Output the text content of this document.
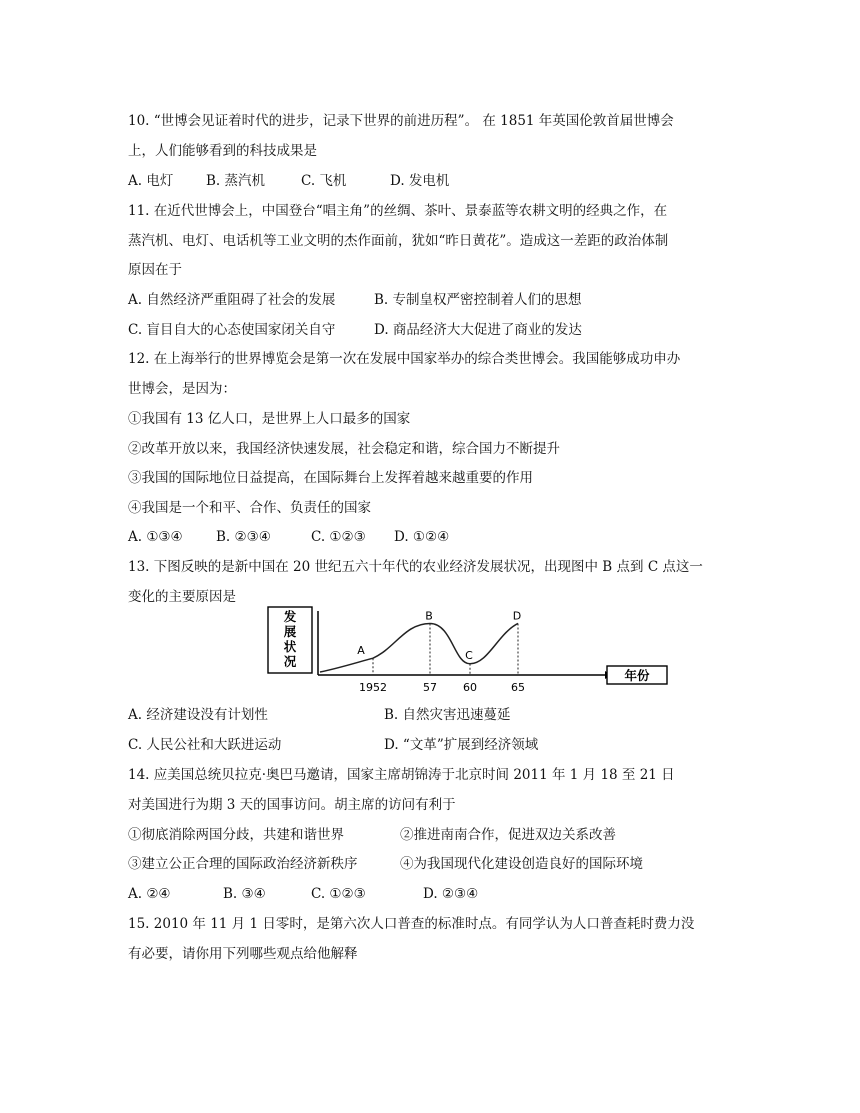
10. “世博会见证着时代的进步，记录下世界的前进历程”。 在 1851 年英国伦敦首届世博会
上，人们能够看到的科技成果是
A. 电灯 B. 蒸汽机	C. 飞机	D. 发电机
11. 在近代世博会上，中国登台“唱主角”的丝绸、茶叶、景泰蓝等农耕文明的经典之作，在
蒸汽机、电灯、电话机等工业文明的杰作面前，犹如“昨日黄花”。造成这一差距的政治体制
原因在于
A. 自然经济严重阻碍了社会的发展	B. 专制皇权严密控制着人们的思想
C. 盲目自大的心态使国家闭关自守	D. 商品经济大大促进了商业的发达
12. 在上海举行的世界博览会是第一次在发展中国家举办的综合类世博会。我国能够成功申办
世博会，是因为：
①我国有 13 亿人口，是世界上人口最多的国家
②改革开放以来，我国经济快速发展，社会稳定和谐，综合国力不断提升
③我国的国际地位日益提高，在国际舞台上发挥着越来越重要的作用
④我国是一个和平、合作、负责任的国家
A. ①③④ B. ②③④	C. ①②③ D. ①②④
13. 下图反映的是新中国在 20 世纪五六十年代的农业经济发展状况，出现图中 B 点到 C 点这一
变化的主要原因是
发展状况
A
B
C
D
1952	57 60	65
年份
A. 经济建设没有计划性	B. 自然灾害迅速蔓延
C. 人民公社和大跃进运动	D. “文革”扩展到经济领域
14. 应美国总统贝拉克·奥巴马邀请，国家主席胡锦涛于北京时间 2011 年 1 月 18 至 21 日
对美国进行为期 3 天的国事访问。胡主席的访问有利于
①彻底消除两国分歧，共建和谐世界	②推进南南合作，促进双边关系改善
③建立公正合理的国际政治经济新秩序	④为我国现代化建设创造良好的国际环境
A. ②④	B. ③④	C. ①②③	D. ②③④
15. 2010 年 11 月 1 日零时，是第六次人口普查的标准时点。有同学认为人口普查耗时费力没
有必要，请你用下列哪些观点给他解释
